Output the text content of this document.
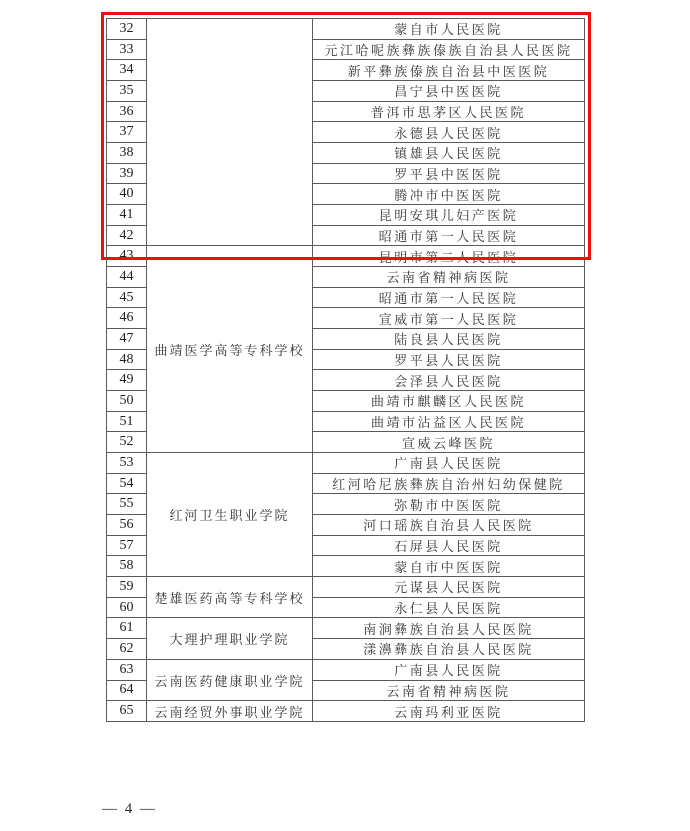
32		蒙自市人民医院
33		元江哈呢族彝族傣族自治县人民医院
34		新平彝族傣族自治县中医医院
35		昌宁县中医医院
36		普洱市思茅区人民医院
37		永德县人民医院
38		镇雄县人民医院
39		罗平县中医医院
40		腾冲市中医医院
41		昆明安琪儿妇产医院
42		昭通市第一人民医院
43	曲靖医学高等专科学校	昆明市第二人民医院
44		云南省精神病医院
45		昭通市第一人民医院
46		宣威市第一人民医院
47		陆良县人民医院
48		罗平县人民医院
49		会泽县人民医院
50		曲靖市麒麟区人民医院
51		曲靖市沾益区人民医院
52		宣威云峰医院
53	红河卫生职业学院	广南县人民医院
54		红河哈尼族彝族自治州妇幼保健院
55		弥勒市中医医院
56		河口瑶族自治县人民医院
57		石屏县人民医院
58		蒙自市中医医院
59	楚雄医药高等专科学校	元谋县人民医院
60		永仁县人民医院
61	大理护理职业学院	南涧彝族自治县人民医院
62		漾濞彝族自治县人民医院
63	云南医药健康职业学院	广南县人民医院
64		云南省精神病医院
65	云南经贸外事职业学院	云南玛利亚医院
— 4 —
